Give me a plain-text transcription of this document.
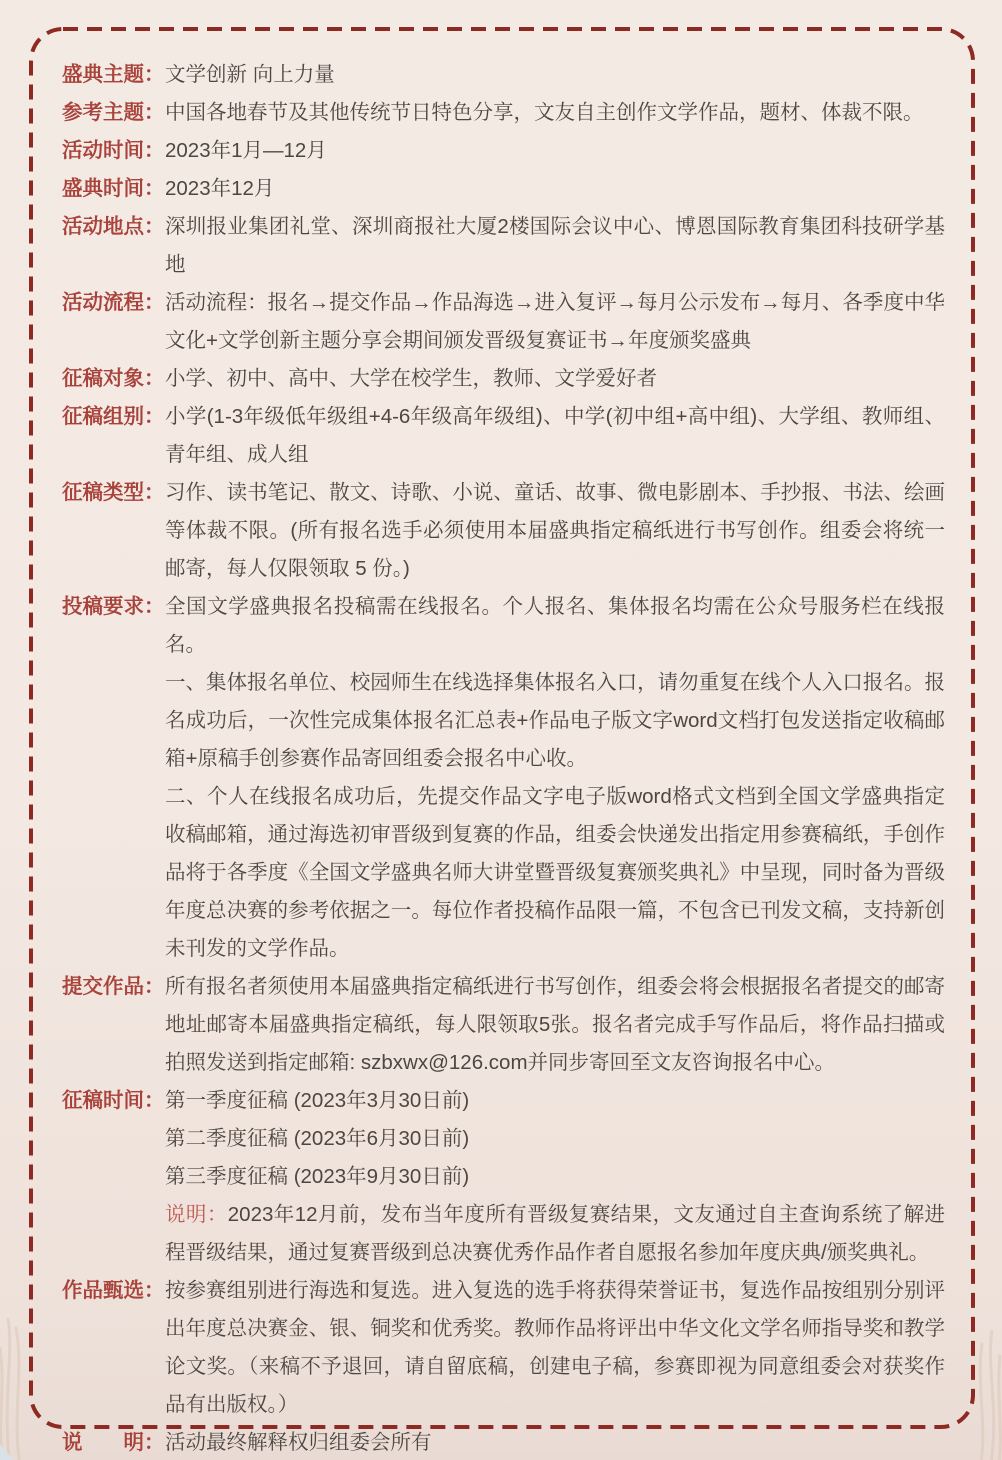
盛典主题： 文学创新 向上力量

参考主题： 中国各地春节及其他传统节日特色分享，文友自主创作文学作品，题材、体裁不限。

活动时间： 2023年1月—12月

盛典时间： 2023年12月

活动地点： 深圳报业集团礼堂、深圳商报社大厦2楼国际会议中心、博恩国际教育集团科技研学基地

活动流程： 活动流程：报名→提交作品→作品海选→进入复评→每月公示发布→每月、各季度中华文化+文学创新主题分享会期间颁发晋级复赛证书→年度颁奖盛典

征稿对象： 小学、初中、高中、大学在校学生，教师、文学爱好者

征稿组别： 小学(1-3年级低年级组+4-6年级高年级组)、中学(初中组+高中组)、大学组、教师组、青年组、成人组

征稿类型： 习作、读书笔记、散文、诗歌、小说、童话、故事、微电影剧本、手抄报、书法、绘画等体裁不限。(所有报名选手必须使用本届盛典指定稿纸进行书写创作。组委会将统一邮寄，每人仅限领取 5 份。)

投稿要求： 全国文学盛典报名投稿需在线报名。个人报名、集体报名均需在公众号服务栏在线报名。

一、集体报名单位、校园师生在线选择集体报名入口，请勿重复在线个人入口报名。报名成功后，一次性完成集体报名汇总表+作品电子版文字word文档打包发送指定收稿邮箱+原稿手创参赛作品寄回组委会报名中心收。

二、个人在线报名成功后，先提交作品文字电子版word格式文档到全国文学盛典指定收稿邮箱，通过海选初审晋级到复赛的作品，组委会快递发出指定用参赛稿纸，手创作品将于各季度《全国文学盛典名师大讲堂暨晋级复赛颁奖典礼》中呈现，同时备为晋级年度总决赛的参考依据之一。每位作者投稿作品限一篇，不包含已刊发文稿，支持新创未刊发的文学作品。

提交作品： 所有报名者须使用本届盛典指定稿纸进行书写创作，组委会将会根据报名者提交的邮寄地址邮寄本届盛典指定稿纸，每人限领取5张。报名者完成手写作品后，将作品扫描或拍照发送到指定邮箱: szbxwx@126.com并同步寄回至文友咨询报名中心。

征稿时间： 第一季度征稿 (2023年3月30日前)

第二季度征稿 (2023年6月30日前)

第三季度征稿 (2023年9月30日前)

说明：2023年12月前，发布当年度所有晋级复赛结果，文友通过自主查询系统了解进程晋级结果，通过复赛晋级到总决赛优秀作品作者自愿报名参加年度庆典/颁奖典礼。

作品甄选： 按参赛组别进行海选和复选。进入复选的选手将获得荣誉证书，复选作品按组别分别评出年度总决赛金、银、铜奖和优秀奖。教师作品将评出中华文化文学名师指导奖和教学论文奖。（来稿不予退回，请自留底稿，创建电子稿，参赛即视为同意组委会对获奖作品有出版权。）

说明： 活动最终解释权归组委会所有
